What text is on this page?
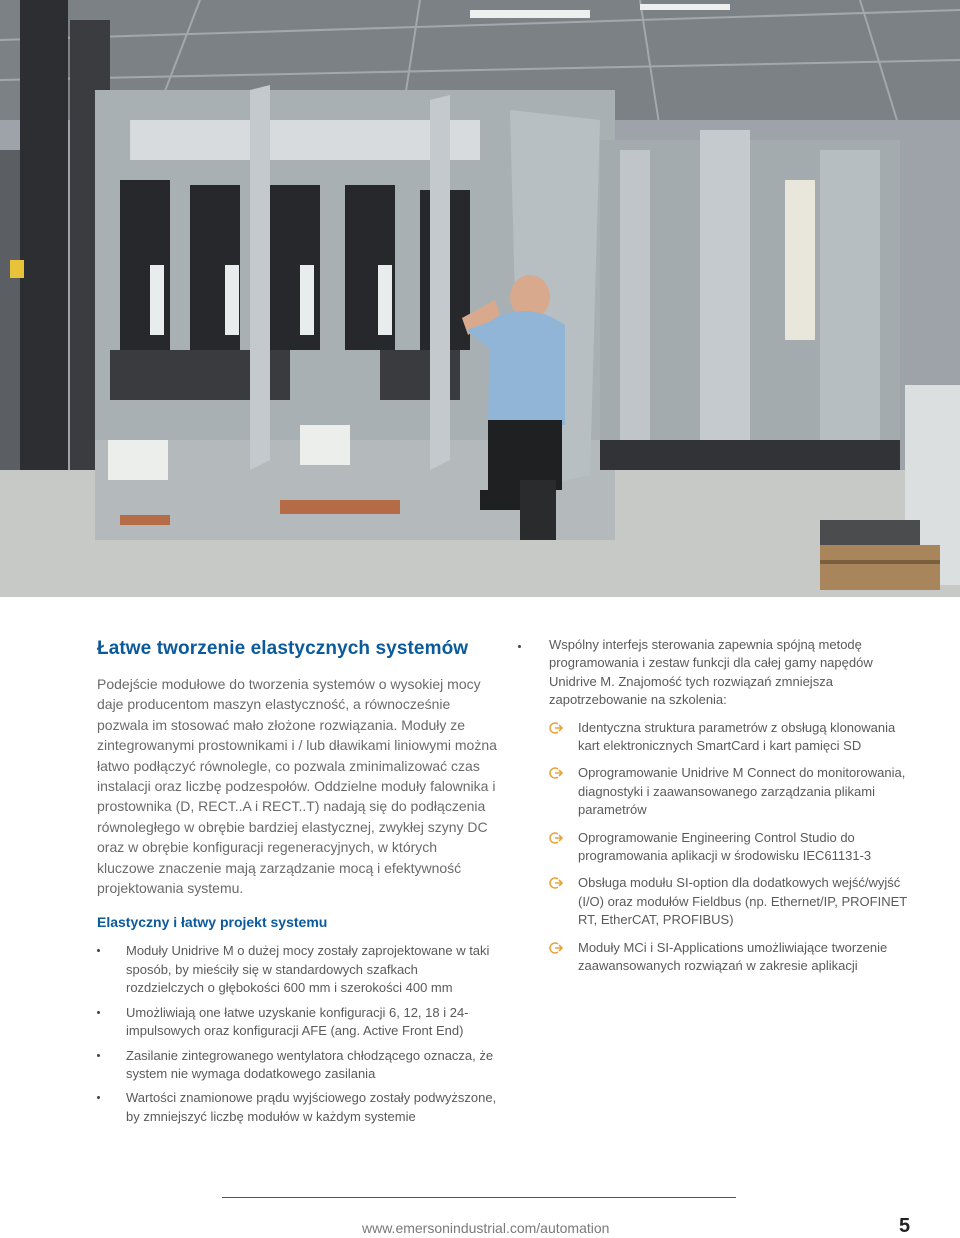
Łatwe tworzenie elastycznych systemów

Podejście modułowe do tworzenia systemów o wysokiej mocy daje producentom maszyn elastyczność, a równocześnie pozwala im stosować mało złożone rozwiązania. Moduły ze zintegrowanymi prostownikami i / lub dławikami liniowymi można łatwo podłączyć równolegle, co pozwala zminimalizować czas instalacji oraz liczbę podzespołów. Oddzielne moduły falownika i prostownika (D, RECT..A i RECT..T) nadają się do podłączenia równoległego w obrębie bardziej elastycznej, zwykłej szyny DC oraz w obrębie konfiguracji regeneracyjnych, w których kluczowe znaczenie mają zarządzanie mocą i efektywność projektowania systemu.

Elastyczny i łatwy projekt systemu
Moduły Unidrive M o dużej mocy zostały zaprojektowane w taki sposób, by mieściły się w standardowych szafkach rozdzielczych o głębokości 600 mm i szerokości 400 mm
Umożliwiają one łatwe uzyskanie konfiguracji 6, 12, 18 i 24-impulsowych oraz konfiguracji AFE (ang. Active Front End)
Zasilanie zintegrowanego wentylatora chłodzącego oznacza, że system nie wymaga dodatkowego zasilania
Wartości znamionowe prądu wyjściowego zostały podwyższone, by zmniejszyć liczbę modułów w każdym systemie

Wspólny interfejs sterowania zapewnia spójną metodę programowania i zestaw funkcji dla całej gamy napędów Unidrive M. Znajomość tych rozwiązań zmniejsza zapotrzebowanie na szkolenia:

Identyczna struktura parametrów z obsługą klonowania kart elektronicznych SmartCard i kart pamięci SD
Oprogramowanie Unidrive M Connect do monitorowania, diagnostyki i zaawansowanego zarządzania plikami parametrów
Oprogramowanie Engineering Control Studio do programowania aplikacji w środowisku IEC61131-3
Obsługa modułu SI-option dla dodatkowych wejść/wyjść (I/O) oraz modułów Fieldbus (np. Ethernet/IP, PROFINET RT, EtherCAT, PROFIBUS)
Moduły MCi i SI-Applications umożliwiające tworzenie zaawansowanych rozwiązań w zakresie aplikacji
www.emersonindustrial.com/automation	5
